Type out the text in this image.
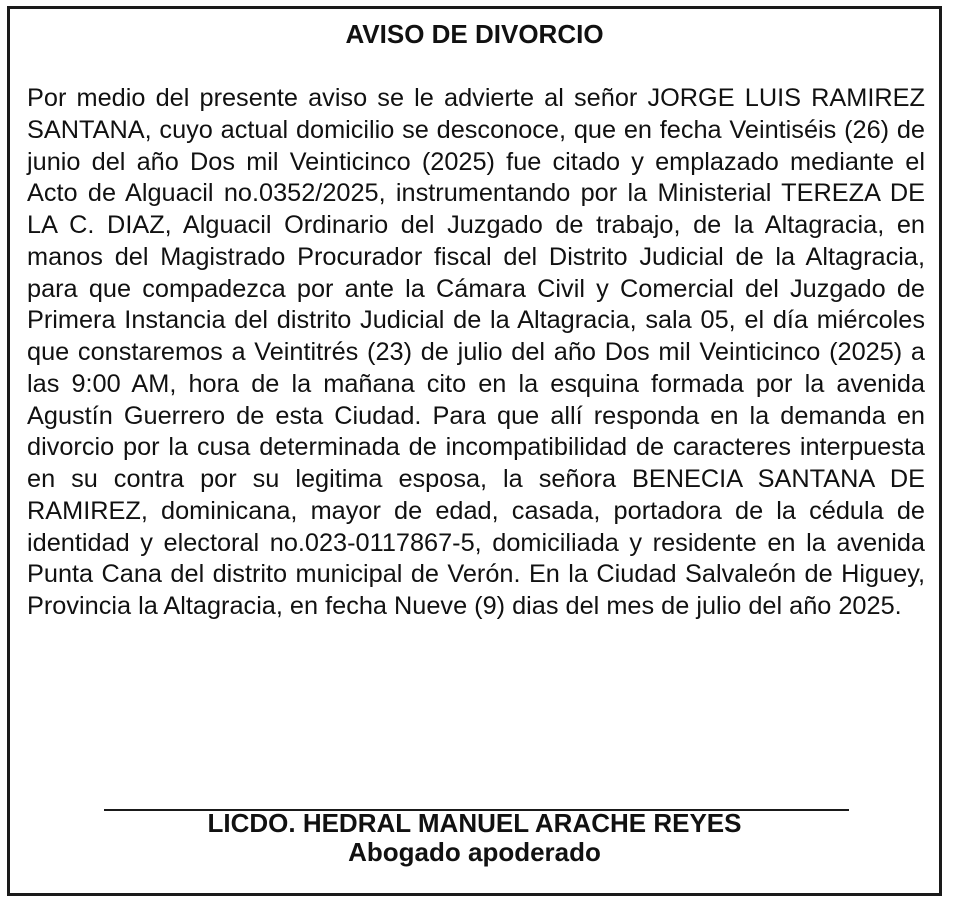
AVISO DE DIVORCIO

Por medio del presente aviso se le advierte al señor JORGE LUIS RAMIREZ SANTANA, cuyo actual domicilio se desconoce, que en fecha Veintiséis (26) de junio del año Dos mil Veinticinco (2025) fue citado y emplazado mediante el Acto de Alguacil no.0352/2025, instrumentando por la Ministerial TEREZA DE LA C. DIAZ, Alguacil Ordinario del Juzgado de trabajo, de la Altagracia, en manos del Magistrado Procurador fiscal del Distrito Judicial de la Altagracia, para que compadezca por ante la Cámara Civil y Comercial del Juzgado de Primera Instancia del distrito Judicial de la Altagracia, sala 05, el día miércoles que constaremos a Veintitrés (23) de julio del año Dos mil Veinticinco (2025) a las 9:00 AM, hora de la mañana cito en la esquina formada por la avenida Agustín Guerrero de esta Ciudad. Para que allí responda en la demanda en divorcio por la cusa determinada de incompatibilidad de caracteres interpuesta en su contra por su legitima esposa, la señora BENECIA SANTANA DE RAMIREZ, dominicana, mayor de edad, casada, portadora de la cédula de identidad y electoral no.023-0117867-5, domiciliada y residente en la avenida Punta Cana del distrito municipal de Verón. En la Ciudad Salvaleón de Higuey, Provincia la Altagracia, en fecha Nueve (9) dias del mes de julio del año 2025.

LICDO. HEDRAL MANUEL ARACHE REYES

Abogado apoderado
